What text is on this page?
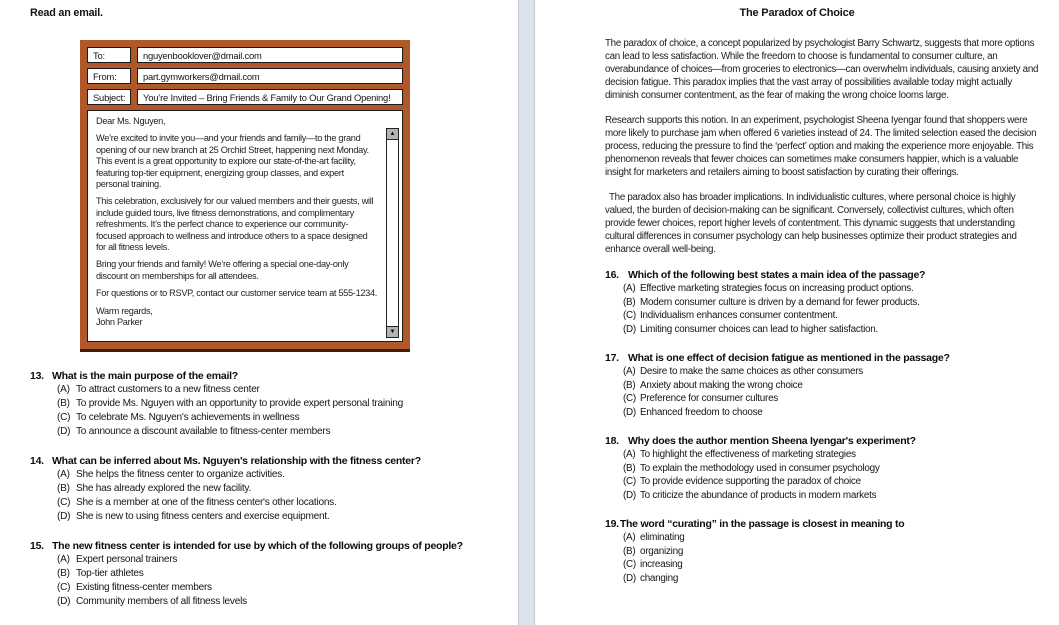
Read an email.
To:	nguyenbooklover@dmail.com
From:	part.gymworkers@dmail.com
Subject:	You’re Invited – Bring Friends & Family to Our Grand Opening!

Dear Ms. Nguyen,

We’re excited to invite you—and your friends and family—to the grand opening of our new branch at 25 Orchid Street, happening next Monday. This event is a great opportunity to explore our state-of-the-art facility, featuring top-tier equipment, energizing group classes, and expert personal training.

This celebration, exclusively for our valued members and their guests, will include guided tours, live fitness demonstrations, and complimentary refreshments. It’s the perfect chance to experience our community-focused approach to wellness and introduce others to a space designed for all fitness levels.

Bring your friends and family! We’re offering a special one-day-only discount on memberships for all attendees.

For questions or to RSVP, contact our customer service team at 555-1234.

Warm regards,

John Parker

▲
▼
13. What is the main purpose of the email?
(A) To attract customers to a new fitness center
(B) To provide Ms. Nguyen with an opportunity to provide expert personal training
(C) To celebrate Ms. Nguyen's achievements in wellness
(D) To announce a discount available to fitness-center members
14. What can be inferred about Ms. Nguyen's relationship with the fitness center?
(A) She helps the fitness center to organize activities.
(B) She has already explored the new facility.
(C) She is a member at one of the fitness center's other locations.
(D) She is new to using fitness centers and exercise equipment.
15. The new fitness center is intended for use by which of the following groups of people?
(A) Expert personal trainers
(B) Top-tier athletes
(C) Existing fitness-center members
(D) Community members of all fitness levels
The Paradox of Choice

The paradox of choice, a concept popularized by psychologist Barry Schwartz, suggests that more options can lead to less satisfaction. While the freedom to choose is fundamental to consumer culture, an overabundance of choices—from groceries to electronics—can overwhelm individuals, causing anxiety and decision fatigue. This paradox implies that the vast array of possibilities available today might actually diminish consumer contentment, as the fear of making the wrong choice looms large.

Research supports this notion. In an experiment, psychologist Sheena Iyengar found that shoppers were more likely to purchase jam when offered 6 varieties instead of 24. The limited selection eased the decision process, reducing the pressure to find the ‘perfect’ option and making the experience more enjoyable. This phenomenon reveals that fewer choices can sometimes make consumers happier, which is a valuable insight for marketers and retailers aiming to boost satisfaction by curating their offerings.

The paradox also has broader implications. In individualistic cultures, where personal choice is highly valued, the burden of decision-making can be significant. Conversely, collectivist cultures, which often provide fewer choices, report higher levels of contentment. This dynamic suggests that understanding cultural differences in consumer psychology can help businesses optimize their product strategies and enhance overall well-being.

16. Which of the following best states a main idea of the passage?
(A) Effective marketing strategies focus on increasing product options.
(B) Modern consumer culture is driven by a demand for fewer products.
(C) Individualism enhances consumer contentment.
(D) Limiting consumer choices can lead to higher satisfaction.
17. What is one effect of decision fatigue as mentioned in the passage?
(A) Desire to make the same choices as other consumers
(B) Anxiety about making the wrong choice
(C) Preference for consumer cultures
(D) Enhanced freedom to choose
18. Why does the author mention Sheena Iyengar's experiment?
(A) To highlight the effectiveness of marketing strategies
(B) To explain the methodology used in consumer psychology
(C) To provide evidence supporting the paradox of choice
(D) To criticize the abundance of products in modern markets
19. The word “curating” in the passage is closest in meaning to
(A) eliminating
(B) organizing
(C) increasing
(D) changing
